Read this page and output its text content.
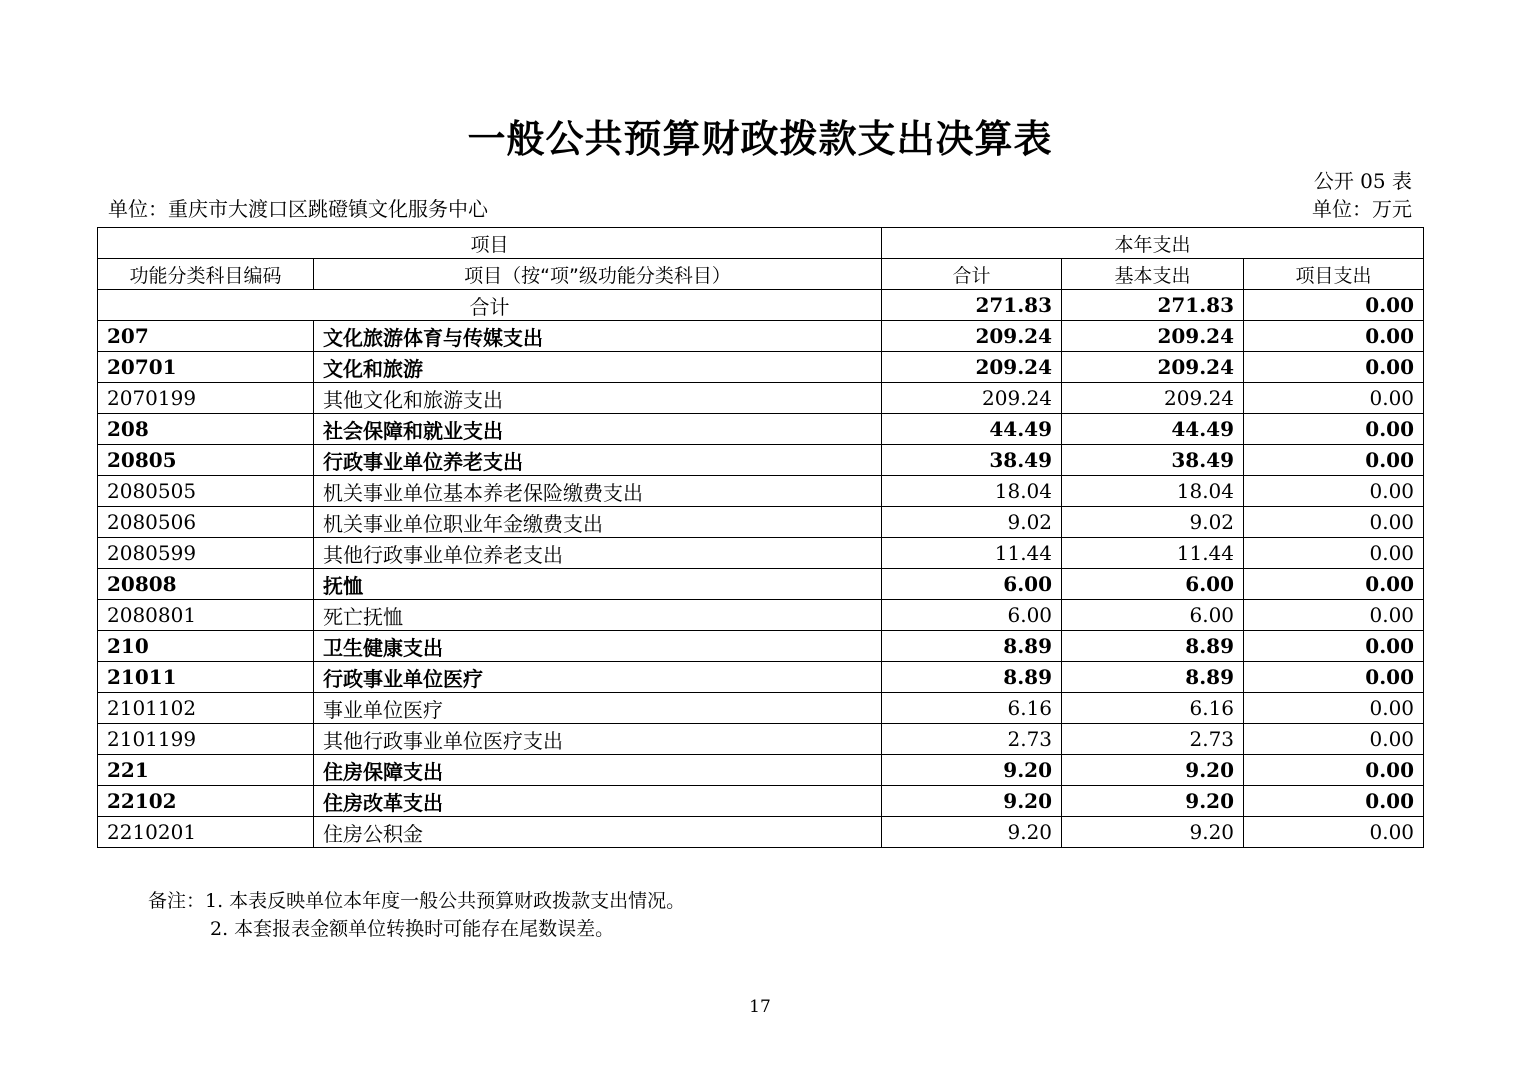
一般公共预算财政拨款支出决算表
公开 05 表
单位：重庆市大渡口区跳磴镇文化服务中心	单位：万元
项目		本年支出		
功能分类科目编码	项目（按“项”级功能分类科目）	合计	基本支出	项目支出
合计		271.83	271.83	0.00
207	文化旅游体育与传媒支出	209.24	209.24	0.00
20701	文化和旅游	209.24	209.24	0.00
2070199	其他文化和旅游支出	209.24	209.24	0.00
208	社会保障和就业支出	44.49	44.49	0.00
20805	行政事业单位养老支出	38.49	38.49	0.00
2080505	机关事业单位基本养老保险缴费支出	18.04	18.04	0.00
2080506	机关事业单位职业年金缴费支出	9.02	9.02	0.00
2080599	其他行政事业单位养老支出	11.44	11.44	0.00
20808	抚恤	6.00	6.00	0.00
2080801	死亡抚恤	6.00	6.00	0.00
210	卫生健康支出	8.89	8.89	0.00
21011	行政事业单位医疗	8.89	8.89	0.00
2101102	事业单位医疗	6.16	6.16	0.00
2101199	其他行政事业单位医疗支出	2.73	2.73	0.00
221	住房保障支出	9.20	9.20	0.00
22102	住房改革支出	9.20	9.20	0.00
2210201	住房公积金	9.20	9.20	0.00
备注：1. 本表反映单位本年度一般公共预算财政拨款支出情况。
2. 本套报表金额单位转换时可能存在尾数误差。
17
